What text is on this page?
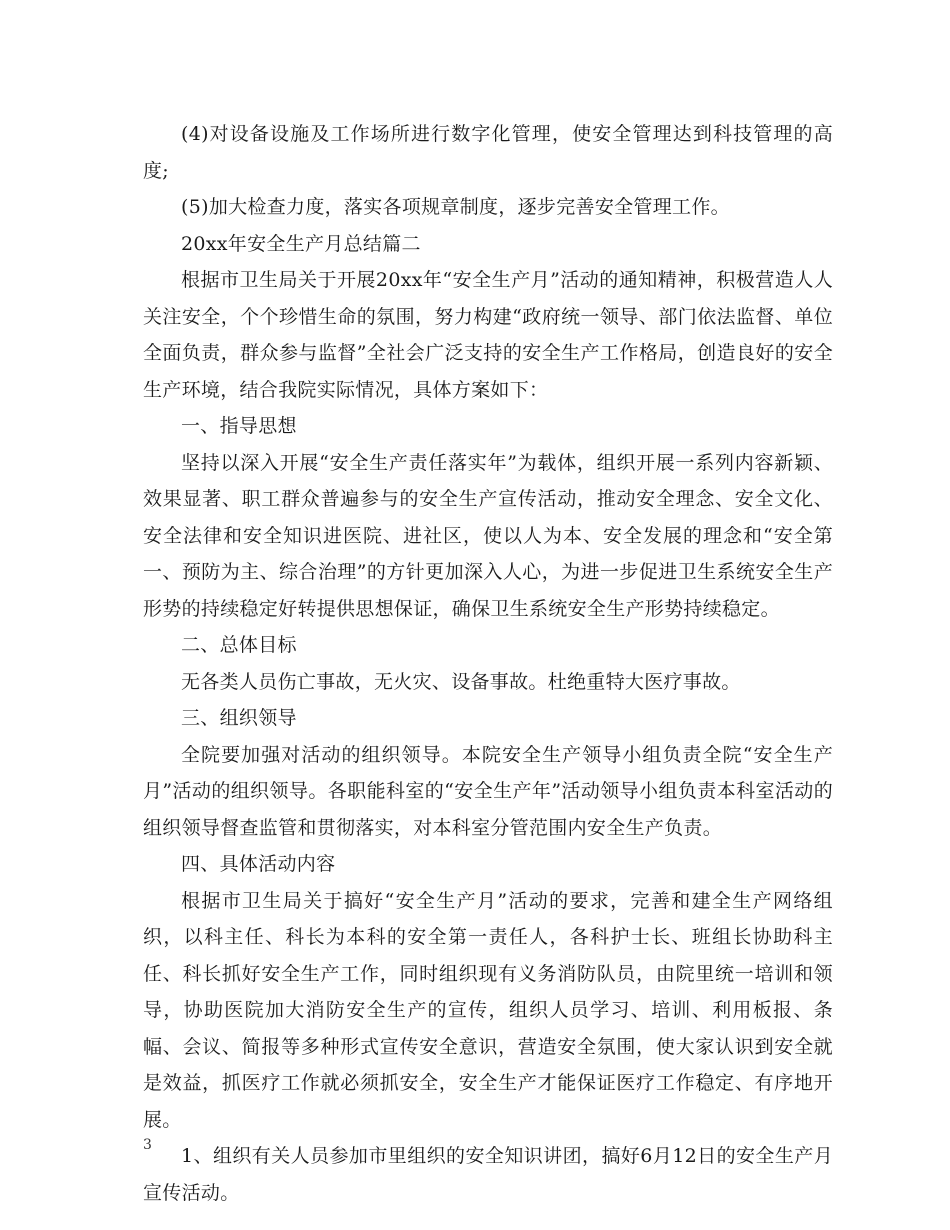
(4)对设备设施及工作场所进行数字化管理，使安全管理达到科技管理的高度;

(5)加大检查力度，落实各项规章制度，逐步完善安全管理工作。

20xx年安全生产月总结篇二

根据市卫生局关于开展20xx年“安全生产月”活动的通知精神，积极营造人人关注安全，个个珍惜生命的氛围，努力构建“政府统一领导、部门依法监督、单位全面负责，群众参与监督”全社会广泛支持的安全生产工作格局，创造良好的安全生产环境，结合我院实际情况，具体方案如下：

一、指导思想

坚持以深入开展“安全生产责任落实年”为载体，组织开展一系列内容新颖、效果显著、职工群众普遍参与的安全生产宣传活动，推动安全理念、安全文化、安全法律和安全知识进医院、进社区，使以人为本、安全发展的理念和“安全第一、预防为主、综合治理”的方针更加深入人心，为进一步促进卫生系统安全生产形势的持续稳定好转提供思想保证，确保卫生系统安全生产形势持续稳定。

二、总体目标

无各类人员伤亡事故，无火灾、设备事故。杜绝重特大医疗事故。

三、组织领导

全院要加强对活动的组织领导。本院安全生产领导小组负责全院“安全生产月”活动的组织领导。各职能科室的“安全生产年”活动领导小组负责本科室活动的组织领导督查监管和贯彻落实，对本科室分管范围内安全生产负责。

四、具体活动内容

根据市卫生局关于搞好“安全生产月”活动的要求，完善和建全生产网络组织，以科主任、科长为本科的安全第一责任人，各科护士长、班组长协助科主任、科长抓好安全生产工作，同时组织现有义务消防队员，由院里统一培训和领导，协助医院加大消防安全生产的宣传，组织人员学习、培训、利用板报、条幅、会议、简报等多种形式宣传安全意识，营造安全氛围，使大家认识到安全就是效益，抓医疗工作就必须抓安全，安全生产才能保证医疗工作稳定、有序地开展。

1、组织有关人员参加市里组织的安全知识讲团，搞好6月12日的安全生产月宣传活动。

3
